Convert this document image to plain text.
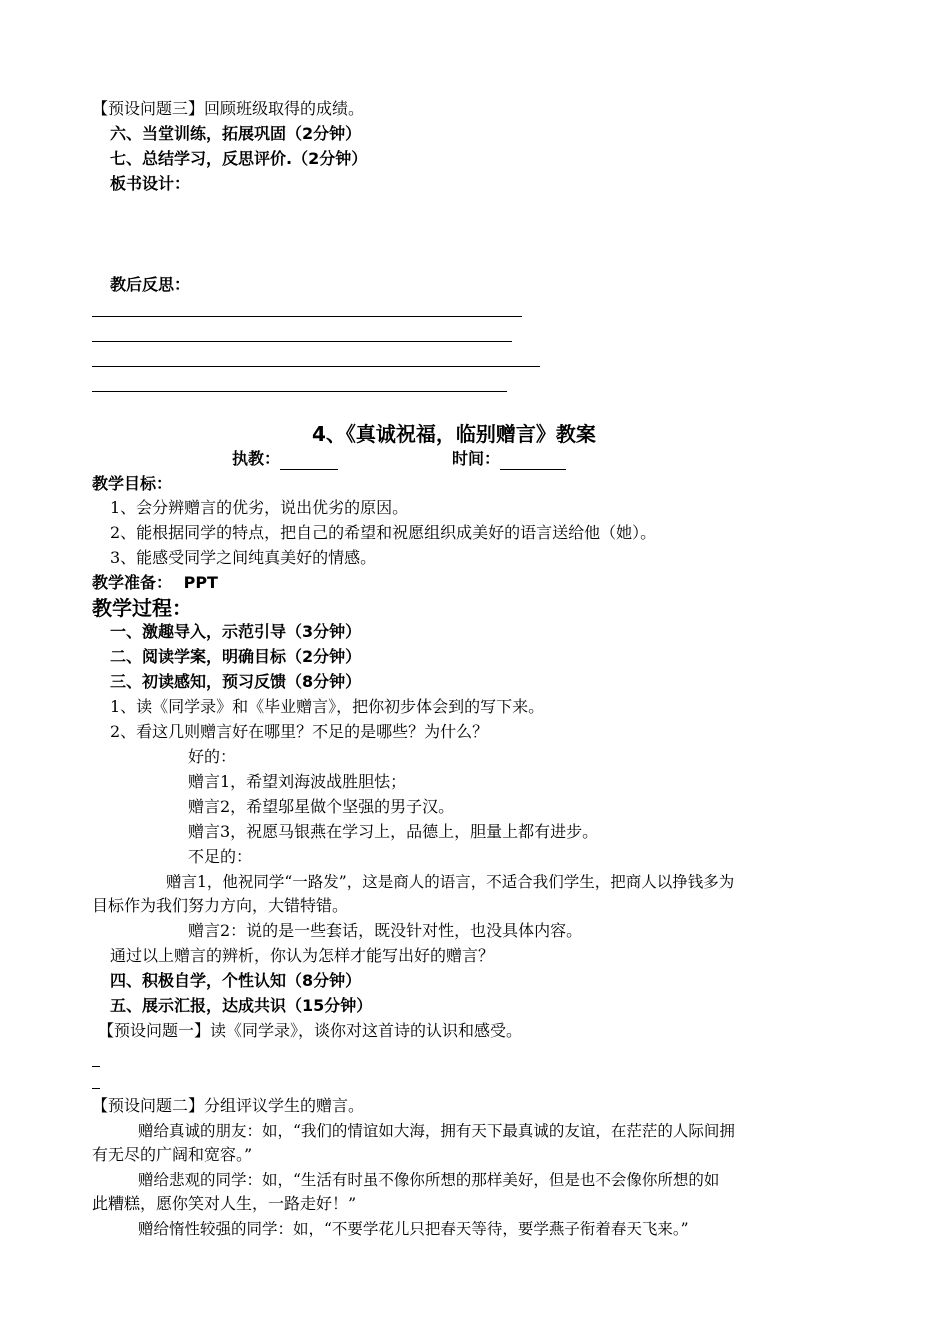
【预设问题三】回顾班级取得的成绩。
六、当堂训练，拓展巩固（2分钟）
七、总结学习，反思评价.（2分钟）
板书设计：
教后反思：
4、《真诚祝福，临别赠言》教案
执教：	时间：
教学目标：
1、会分辨赠言的优劣，说出优劣的原因。
2、能根据同学的特点，把自己的希望和祝愿组织成美好的语言送给他（她）。
3、能感受同学之间纯真美好的情感。
教学准备： PPT
教学过程：
一、激趣导入，示范引导（3分钟）
二、阅读学案，明确目标（2分钟）
三、初读感知，预习反馈（8分钟）
1、读《同学录》和《毕业赠言》，把你初步体会到的写下来。
2、看这几则赠言好在哪里？不足的是哪些？为什么？
好的：
赠言1，希望刘海波战胜胆怯；
赠言2，希望邬星做个坚强的男子汉。
赠言3，祝愿马银燕在学习上，品德上，胆量上都有进步。
不足的：
赠言1，他祝同学“一路发”，这是商人的语言，不适合我们学生，把商人以挣钱多为
目标作为我们努力方向，大错特错。
赠言2：说的是一些套话，既没针对性，也没具体内容。
通过以上赠言的辨析，你认为怎样才能写出好的赠言？
四、积极自学，个性认知（8分钟）
五、展示汇报，达成共识（15分钟）
【预设问题一】读《同学录》，谈你对这首诗的认识和感受。
【预设问题二】分组评议学生的赠言。
赠给真诚的朋友：如，“我们的情谊如大海，拥有天下最真诚的友谊，在茫茫的人际间拥
有无尽的广阔和宽容。”
赠给悲观的同学：如，“生活有时虽不像你所想的那样美好，但是也不会像你所想的如
此糟糕，愿你笑对人生，一路走好！”
赠给惰性较强的同学：如，“不要学花儿只把春天等待，要学燕子衔着春天飞来。”
